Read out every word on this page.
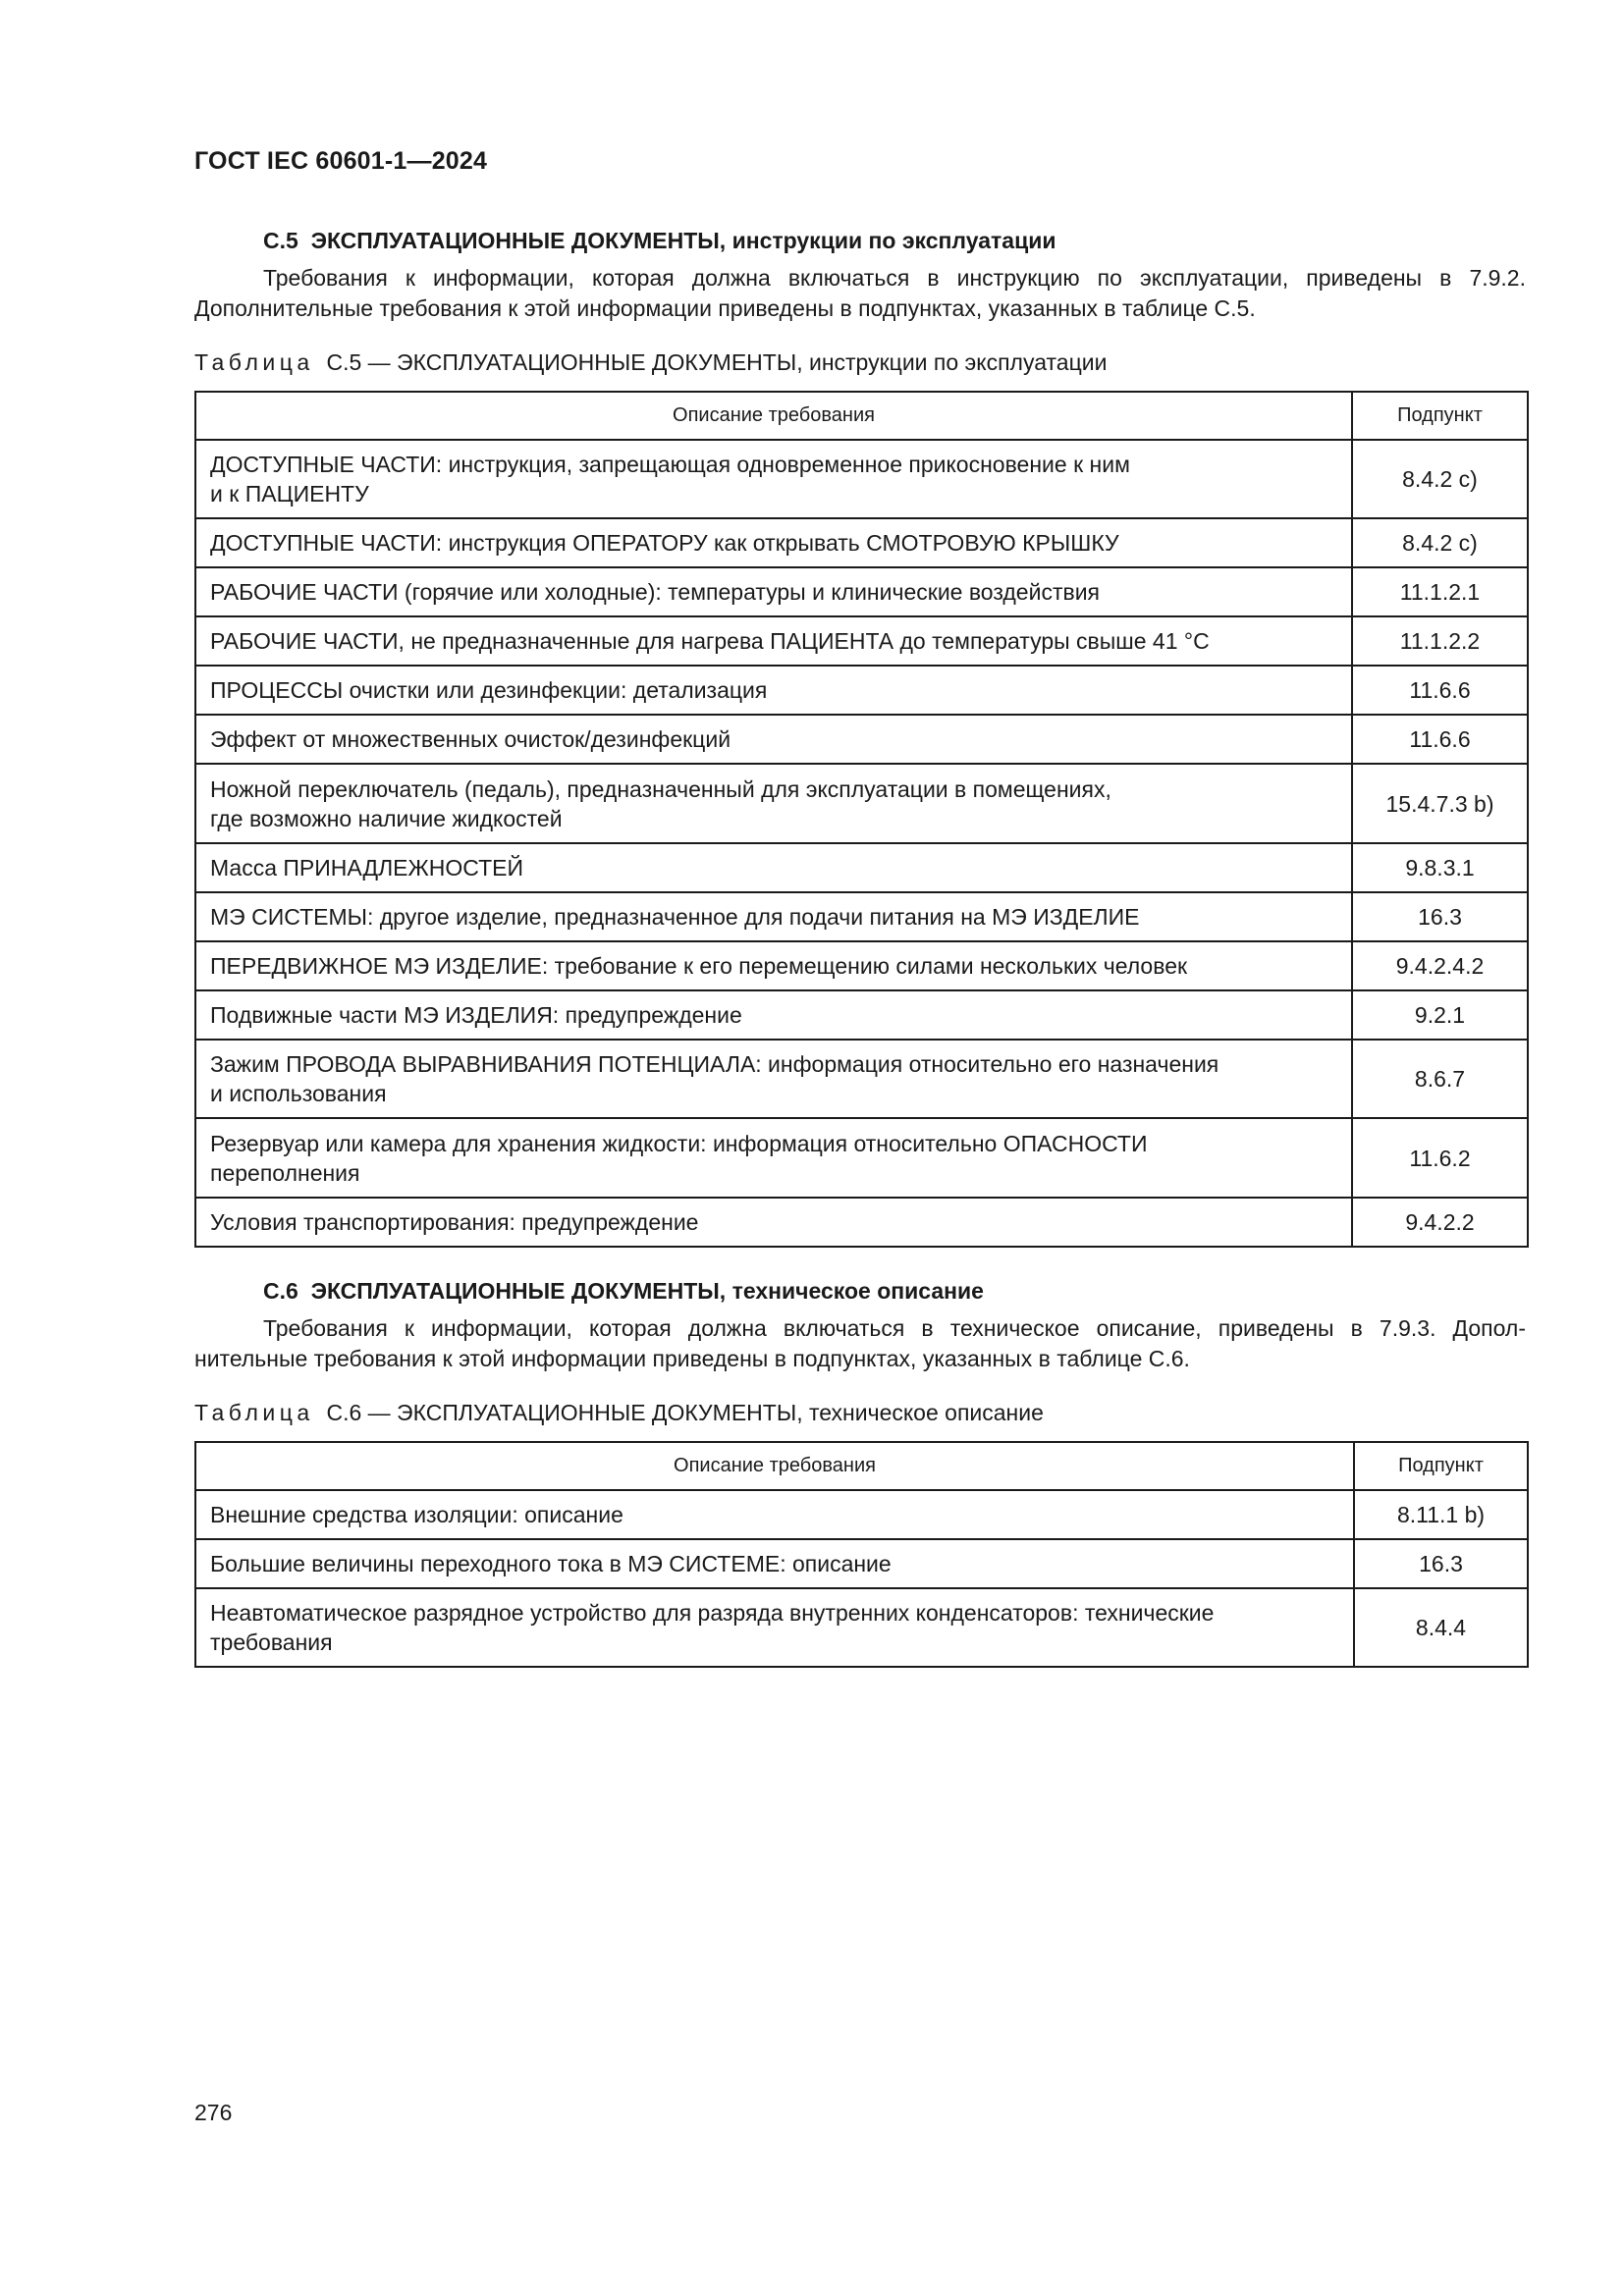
ГОСТ IEC 60601-1—2024
С.5 ЭКСПЛУАТАЦИОННЫЕ ДОКУМЕНТЫ, инструкции по эксплуатации
Требования к информации, которая должна включаться в инструкцию по эксплуатации, приведены в 7.9.2.
Дополнительные требования к этой информации приведены в подпунктах, указанных в таблице С.5.
Таблица С.5 — ЭКСПЛУАТАЦИОННЫЕ ДОКУМЕНТЫ, инструкции по эксплуатации
Описание требования	Подпункт
ДОСТУПНЫЕ ЧАСТИ: инструкция, запрещающая одновременное прикосновение к ним
и к ПАЦИЕНТУ	8.4.2 с)
ДОСТУПНЫЕ ЧАСТИ: инструкция ОПЕРАТОРУ как открывать СМОТРОВУЮ КРЫШКУ	8.4.2 с)
РАБОЧИЕ ЧАСТИ (горячие или холодные): температуры и клинические воздействия	11.1.2.1
РАБОЧИЕ ЧАСТИ, не предназначенные для нагрева ПАЦИЕНТА до температуры свыше 41 °C	11.1.2.2
ПРОЦЕССЫ очистки или дезинфекции: детализация	11.6.6
Эффект от множественных очисток/дезинфекций	11.6.6
Ножной переключатель (педаль), предназначенный для эксплуатации в помещениях,
где возможно наличие жидкостей	15.4.7.3 b)
Масса ПРИНАДЛЕЖНОСТЕЙ	9.8.3.1
МЭ СИСТЕМЫ: другое изделие, предназначенное для подачи питания на МЭ ИЗДЕЛИЕ	16.3
ПЕРЕДВИЖНОЕ МЭ ИЗДЕЛИЕ: требование к его перемещению силами нескольких человек	9.4.2.4.2
Подвижные части МЭ ИЗДЕЛИЯ: предупреждение	9.2.1
Зажим ПРОВОДА ВЫРАВНИВАНИЯ ПОТЕНЦИАЛА: информация относительно его назначения
и использования	8.6.7
Резервуар или камера для хранения жидкости: информация относительно ОПАСНОСТИ
переполнения	11.6.2
Условия транспортирования: предупреждение	9.4.2.2
С.6 ЭКСПЛУАТАЦИОННЫЕ ДОКУМЕНТЫ, техническое описание
Требования к информации, которая должна включаться в техническое описание, приведены в 7.9.3. Допол-
нительные требования к этой информации приведены в подпунктах, указанных в таблице С.6.
Таблица С.6 — ЭКСПЛУАТАЦИОННЫЕ ДОКУМЕНТЫ, техническое описание
Описание требования	Подпункт
Внешние средства изоляции: описание	8.11.1 b)
Большие величины переходного тока в МЭ СИСТЕМЕ: описание	16.3
Неавтоматическое разрядное устройство для разряда внутренних конденсаторов: технические
требования	8.4.4
276
